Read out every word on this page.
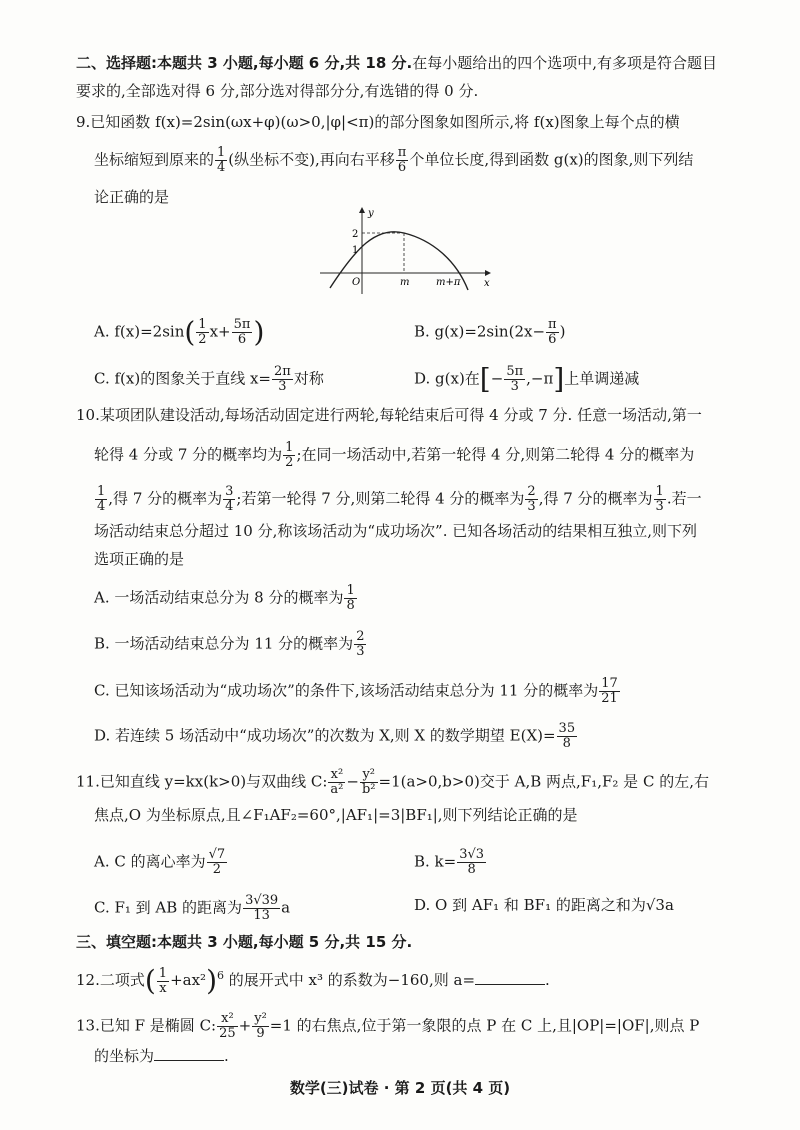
二、选择题:本题共 3 小题,每小题 6 分,共 18 分.在每小题给出的四个选项中,有多项是符合题目
要求的,全部选对得 6 分,部分选对得部分分,有选错的得 0 分.
9.已知函数 f(x)=2sin(ωx+φ)(ω>0,|φ|<π)的部分图象如图所示,将 f(x)图象上每个点的横
坐标缩短到原来的 $\frac{1}{4}$ (纵坐标不变),再向右平移 $\frac{\pi}{6}$ 个单位长度,得到函数 g(x)的图象,则下列结
论正确的是
y
x
2
1
O	m	m+π
A. $f(x)=2\sin( \frac{1}{2} x+ \frac{5\pi}{6}$ )	B. $g(x)=2\sin(2x- \frac{\pi}{6}$ )
C. f(x)的图象关于直线 $x= \frac{2\pi}{3}$ 对称	D. g(x)在[− $\frac{5\pi}{3} ,-\pi$]上单调递减
10.某项团队建设活动,每场活动固定进行两轮,每轮结束后可得 4 分或 7 分. 任意一场活动,第一
轮得 4 分或 7 分的概率均为 $\frac{1}{2}$ ;在同一场活动中,若第一轮得 4 分,则第二轮得 4 分的概率为
$\frac{1}{4}$ ,得 7 分的概率为 $\frac{3}{4}$ ;若第一轮得 7 分,则第二轮得 4 分的概率为 $\frac{2}{3}$ ,得 7 分的概率为 $\frac{1}{3}$ .若一
场活动结束总分超过 10 分,称该场活动为“成功场次”. 已知各场活动的结果相互独立,则下列
选项正确的是
A. 一场活动结束总分为 8 分的概率为 $\frac{1}{8}$
B. 一场活动结束总分为 11 分的概率为 $\frac{2}{3}$
C. 已知该场活动为“成功场次”的条件下,该场活动结束总分为 11 分的概率为 $\frac{17}{21}$
D. 若连续 5 场活动中“成功场次”的次数为 X,则 X 的数学期望 $E(X)= \frac{35}{8}$
11.已知直线 y=kx(k>0)与双曲线 C: $\frac{\text{x²}}{\text{a²}} - \frac{\text{y²}}{\text{b²}} =1(a>0,b>0)$交于 A,B 两点,F₁,F₂ 是 C 的左,右
焦点,O 为坐标原点,且∠F₁AF₂=60°,|AF₁|=3|BF₁|,则下列结论正确的是
A. C 的离心率为 $\frac{√7}{2}$	B. $k= \frac{3√3}{8}$
C. F₁ 到 AB 的距离为 $\frac{3√39}{13}$ a	D. O 到 AF₁ 和 BF₁ 的距离之和为√3a
三、填空题:本题共 3 小题,每小题 5 分,共 15 分.
12.二项式( $\frac{1}{x} +ax^2)^6$ 的展开式中 x³ 的系数为−160,则 a=	.
13.已知 F 是椭圆 C: $\frac{\text{x²}}{25} + \frac{\text{y²}}{9} =1$ 的右焦点,位于第一象限的点 P 在 C 上,且|OP|=|OF|,则点 P
的坐标为	.
数学(三)试卷 · 第 2 页(共 4 页)
